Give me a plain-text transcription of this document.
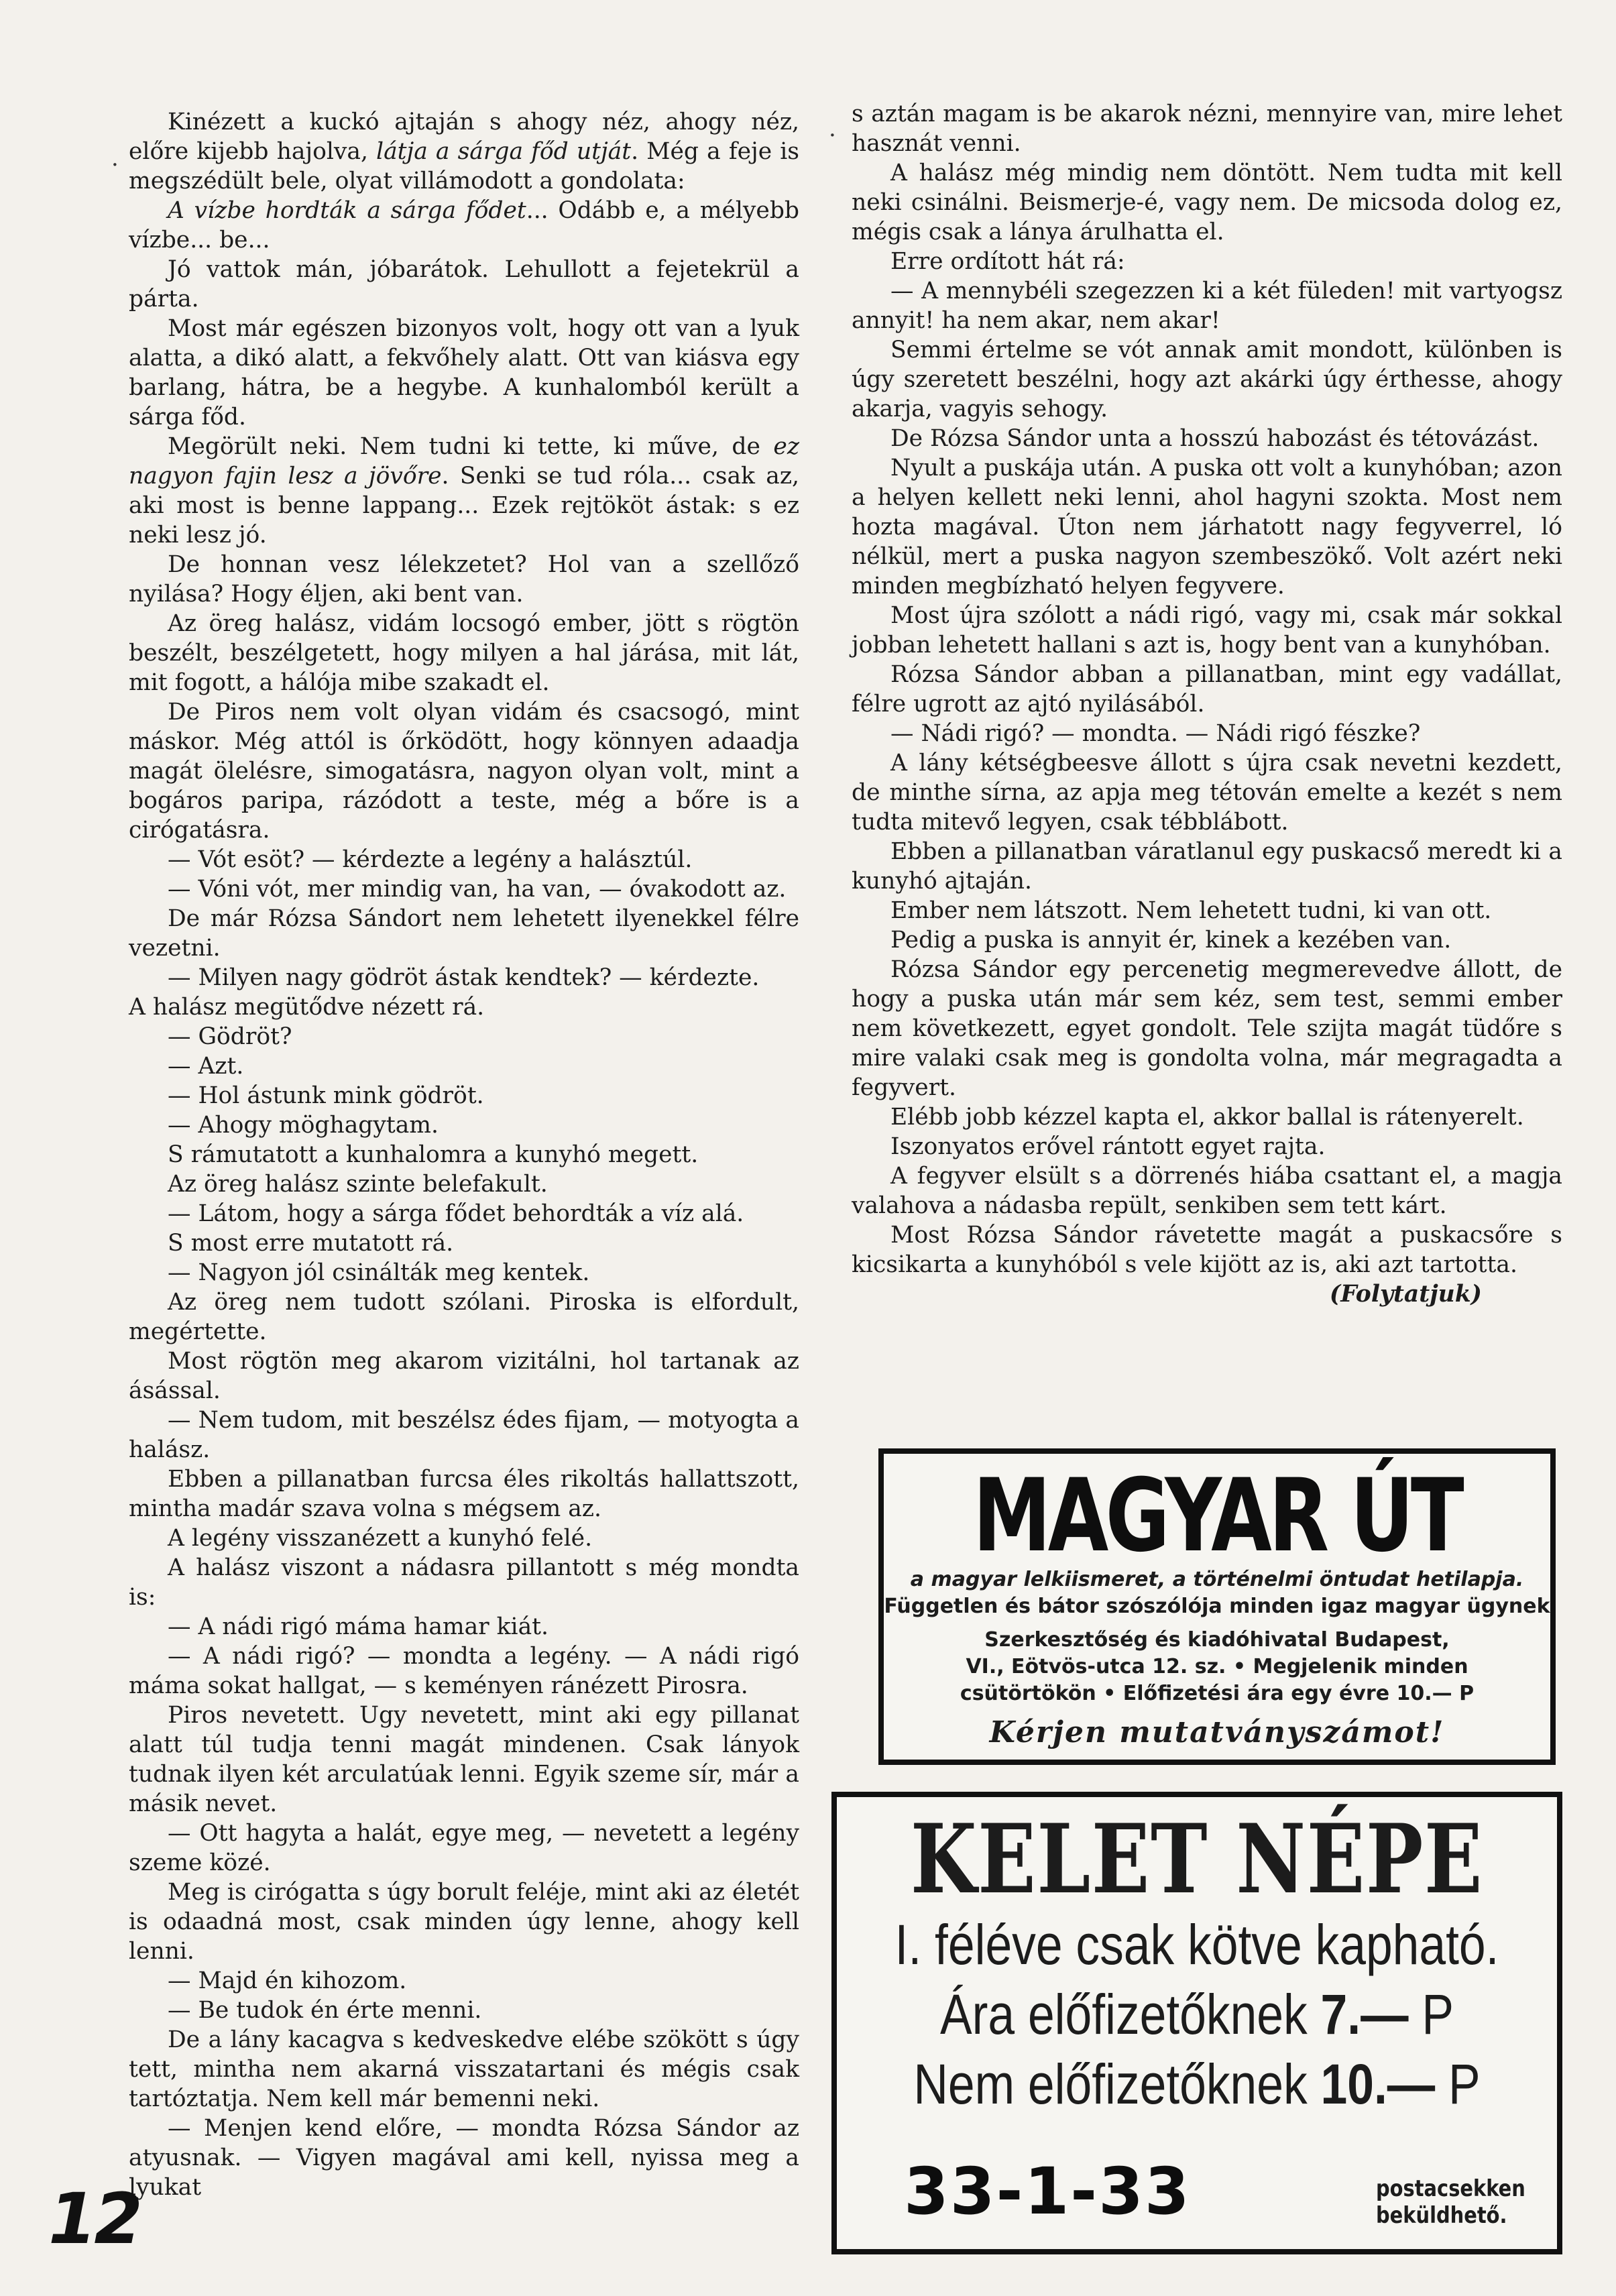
Kinézett a kuckó ajtaján s ahogy néz, ahogy néz, előre kijebb hajolva, látja a sárga főd utját. Még a feje is megszédült bele, olyat villámodott a gondolata:

A vízbe hordták a sárga fődet... Odább e, a mélyebb vízbe... be...

Jó vattok mán, jóbarátok. Lehullott a fejetekrül a párta.

Most már egészen bizonyos volt, hogy ott van a lyuk alatta, a dikó alatt, a fekvőhely alatt. Ott van kiásva egy barlang, hátra, be a hegybe. A kunhalomból került a sárga főd.

Megörült neki. Nem tudni ki tette, ki műve, de ez nagyon fajin lesz a jövőre. Senki se tud róla... csak az, aki most is benne lappang... Ezek rejtököt ástak: s ez neki lesz jó.

De honnan vesz lélekzetet? Hol van a szellőző nyilása? Hogy éljen, aki bent van.

Az öreg halász, vidám locsogó ember, jött s rögtön beszélt, beszélgetett, hogy milyen a hal járása, mit lát, mit fogott, a hálója mibe szakadt el.

De Piros nem volt olyan vidám és csacsogó, mint máskor. Még attól is őrködött, hogy könnyen adaadja magát ölelésre, simogatásra, nagyon olyan volt, mint a bogáros paripa, rázódott a teste, még a bőre is a cirógatásra.

— Vót esöt? — kérdezte a legény a halásztúl.

— Vóni vót, mer mindig van, ha van, — óvakodott az.

De már Rózsa Sándort nem lehetett ilyenekkel félre vezetni.

— Milyen nagy gödröt ástak kendtek? — kérdezte.

A halász megütődve nézett rá.

— Gödröt?

— Azt.

— Hol ástunk mink gödröt.

— Ahogy möghagytam.

S rámutatott a kunhalomra a kunyhó megett.

Az öreg halász szinte belefakult.

— Látom, hogy a sárga fődet behordták a víz alá.

S most erre mutatott rá.

— Nagyon jól csinálták meg kentek.

Az öreg nem tudott szólani. Piroska is elfordult, megértette.

Most rögtön meg akarom vizitálni, hol tartanak az ásással.

— Nem tudom, mit beszélsz édes fijam, — motyogta a halász.

Ebben a pillanatban furcsa éles rikoltás hallattszott, mintha madár szava volna s mégsem az.

A legény visszanézett a kunyhó felé.

A halász viszont a nádasra pillantott s még mondta is:

— A nádi rigó máma hamar kiát.

— A nádi rigó? — mondta a legény. — A nádi rigó máma sokat hallgat, — s keményen ránézett Pirosra.

Piros nevetett. Ugy nevetett, mint aki egy pillanat alatt túl tudja tenni magát mindenen. Csak lányok tudnak ilyen két arculatúak lenni. Egyik szeme sír, már a másik nevet.

— Ott hagyta a halát, egye meg, — nevetett a legény szeme közé.

Meg is cirógatta s úgy borult feléje, mint aki az életét is odaadná most, csak minden úgy lenne, ahogy kell lenni.

— Majd én kihozom.

— Be tudok én érte menni.

De a lány kacagva s kedveskedve elébe szökött s úgy tett, mintha nem akarná visszatartani és mégis csak tartóztatja. Nem kell már bemenni neki.

— Menjen kend előre, — mondta Rózsa Sándor az atyusnak. — Vigyen magával ami kell, nyissa meg a lyukat

s aztán magam is be akarok nézni, mennyire van, mire lehet hasznát venni.

A halász még mindig nem döntött. Nem tudta mit kell neki csinálni. Beismerje-é, vagy nem. De micsoda dolog ez, mégis csak a lánya árulhatta el.

Erre ordított hát rá:

— A mennybéli szegezzen ki a két füleden! mit vartyogsz annyit! ha nem akar, nem akar!

Semmi értelme se vót annak amit mondott, különben is úgy szeretett beszélni, hogy azt akárki úgy érthesse, ahogy akarja, vagyis sehogy.

De Rózsa Sándor unta a hosszú habozást és tétovázást.

Nyult a puskája után. A puska ott volt a kunyhóban; azon a helyen kellett neki lenni, ahol hagyni szokta. Most nem hozta magával. Úton nem járhatott nagy fegyverrel, ló nélkül, mert a puska nagyon szembeszökő. Volt azért neki minden megbízható helyen fegyvere.

Most újra szólott a nádi rigó, vagy mi, csak már sokkal jobban lehetett hallani s azt is, hogy bent van a kunyhóban.

Rózsa Sándor abban a pillanatban, mint egy vadállat, félre ugrott az ajtó nyilásából.

— Nádi rigó? — mondta. — Nádi rigó fészke?

A lány kétségbeesve állott s újra csak nevetni kezdett, de minthe sírna, az apja meg tétován emelte a kezét s nem tudta mitevő legyen, csak tébblábott.

Ebben a pillanatban váratlanul egy puskacső meredt ki a kunyhó ajtaján.

Ember nem látszott. Nem lehetett tudni, ki van ott.

Pedig a puska is annyit ér, kinek a kezében van.

Rózsa Sándor egy percenetig megmerevedve állott, de hogy a puska után már sem kéz, sem test, semmi ember nem következett, egyet gondolt. Tele szijta magát tüdőre s mire valaki csak meg is gondolta volna, már megragadta a fegyvert.

Elébb jobb kézzel kapta el, akkor ballal is rátenyerelt.

Iszonyatos erővel rántott egyet rajta.

A fegyver elsült s a dörrenés hiába csattant el, a magja valahova a nádasba repült, senkiben sem tett kárt.

Most Rózsa Sándor rávetette magát a puskacsőre s kicsikarta a kunyhóból s vele kijött az is, aki azt tartotta.

(Folytatjuk)

·
·
12
MAGYAR ÚT
a magyar lelkiismeret, a történelmi öntudat hetilapja.
Független és bátor szószólója minden igaz magyar ügynek
Szerkesztőség és kiadóhivatal Budapest,
VI., Eötvös-utca 12. sz. • Megjelenik minden
csütörtökön • Előfizetési ára egy évre 10.— P
Kérjen mutatványszámot!
KELET NÉPE
I. féléve csak kötve kapható.
Ára előfizetőknek 7.— P
Nem előfizetőknek 10.— P
33-1-33	postacsekken
beküldhető.
